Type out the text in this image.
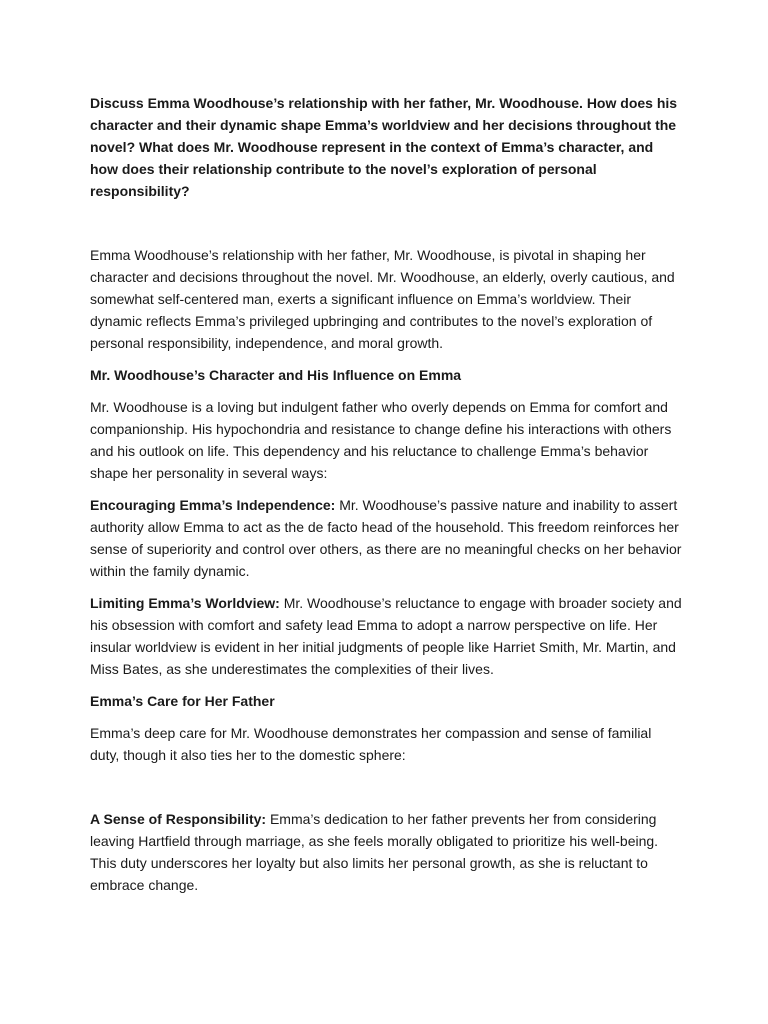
Discuss Emma Woodhouse’s relationship with her father, Mr. Woodhouse. How does his character and their dynamic shape Emma’s worldview and her decisions throughout the novel? What does Mr. Woodhouse represent in the context of Emma’s character, and how does their relationship contribute to the novel’s exploration of personal responsibility?

Emma Woodhouse’s relationship with her father, Mr. Woodhouse, is pivotal in shaping her character and decisions throughout the novel. Mr. Woodhouse, an elderly, overly cautious, and somewhat self-centered man, exerts a significant influence on Emma’s worldview. Their dynamic reflects Emma’s privileged upbringing and contributes to the novel’s exploration of personal responsibility, independence, and moral growth.

Mr. Woodhouse’s Character and His Influence on Emma

Mr. Woodhouse is a loving but indulgent father who overly depends on Emma for comfort and companionship. His hypochondria and resistance to change define his interactions with others and his outlook on life. This dependency and his reluctance to challenge Emma’s behavior shape her personality in several ways:

Encouraging Emma’s Independence: Mr. Woodhouse’s passive nature and inability to assert authority allow Emma to act as the de facto head of the household. This freedom reinforces her sense of superiority and control over others, as there are no meaningful checks on her behavior within the family dynamic.

Limiting Emma’s Worldview: Mr. Woodhouse’s reluctance to engage with broader society and his obsession with comfort and safety lead Emma to adopt a narrow perspective on life. Her insular worldview is evident in her initial judgments of people like Harriet Smith, Mr. Martin, and Miss Bates, as she underestimates the complexities of their lives.

Emma’s Care for Her Father

Emma’s deep care for Mr. Woodhouse demonstrates her compassion and sense of familial duty, though it also ties her to the domestic sphere:

A Sense of Responsibility: Emma’s dedication to her father prevents her from considering leaving Hartfield through marriage, as she feels morally obligated to prioritize his well-being. This duty underscores her loyalty but also limits her personal growth, as she is reluctant to embrace change.
